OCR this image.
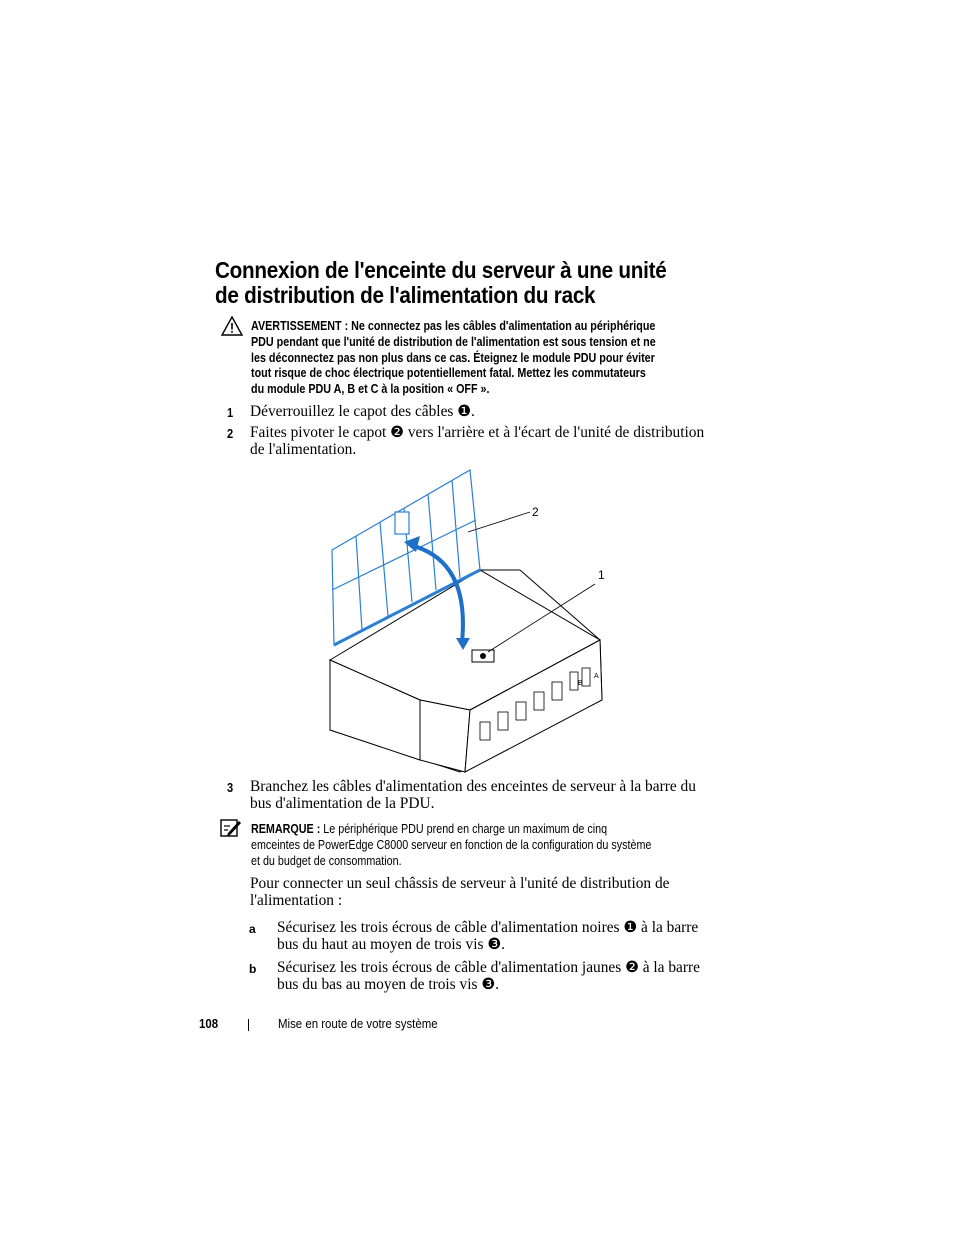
Connexion de l'enceinte du serveur à une unité
de distribution de l'alimentation du rack
AVERTISSEMENT : Ne connectez pas les câbles d'alimentation au périphérique
PDU pendant que l'unité de distribution de l'alimentation est sous tension et ne
les déconnectez pas non plus dans ce cas. Éteignez le module PDU pour éviter
tout risque de choc électrique potentiellement fatal. Mettez les commutateurs
du module PDU A, B et C à la position « OFF ».
1 Déverrouillez le capot des câbles ❶.
2 Faites pivoter le capot ❷ vers l'arrière et à l'écart de l'unité de distribution
de l'alimentation.
B
A
2
1
3 Branchez les câbles d'alimentation des enceintes de serveur à la barre du
bus d'alimentation de la PDU.
REMARQUE : Le périphérique PDU prend en charge un maximum de cinq
emceintes de PowerEdge C8000 serveur en fonction de la configuration du système
et du budget de consommation.
Pour connecter un seul châssis de serveur à l'unité de distribution de
l'alimentation :
a Sécurisez les trois écrous de câble d'alimentation noires ❶ à la barre
bus du haut au moyen de trois vis ❸.
b Sécurisez les trois écrous de câble d'alimentation jaunes ❷ à la barre
bus du bas au moyen de trois vis ❸.
108	Mise en route de votre système
